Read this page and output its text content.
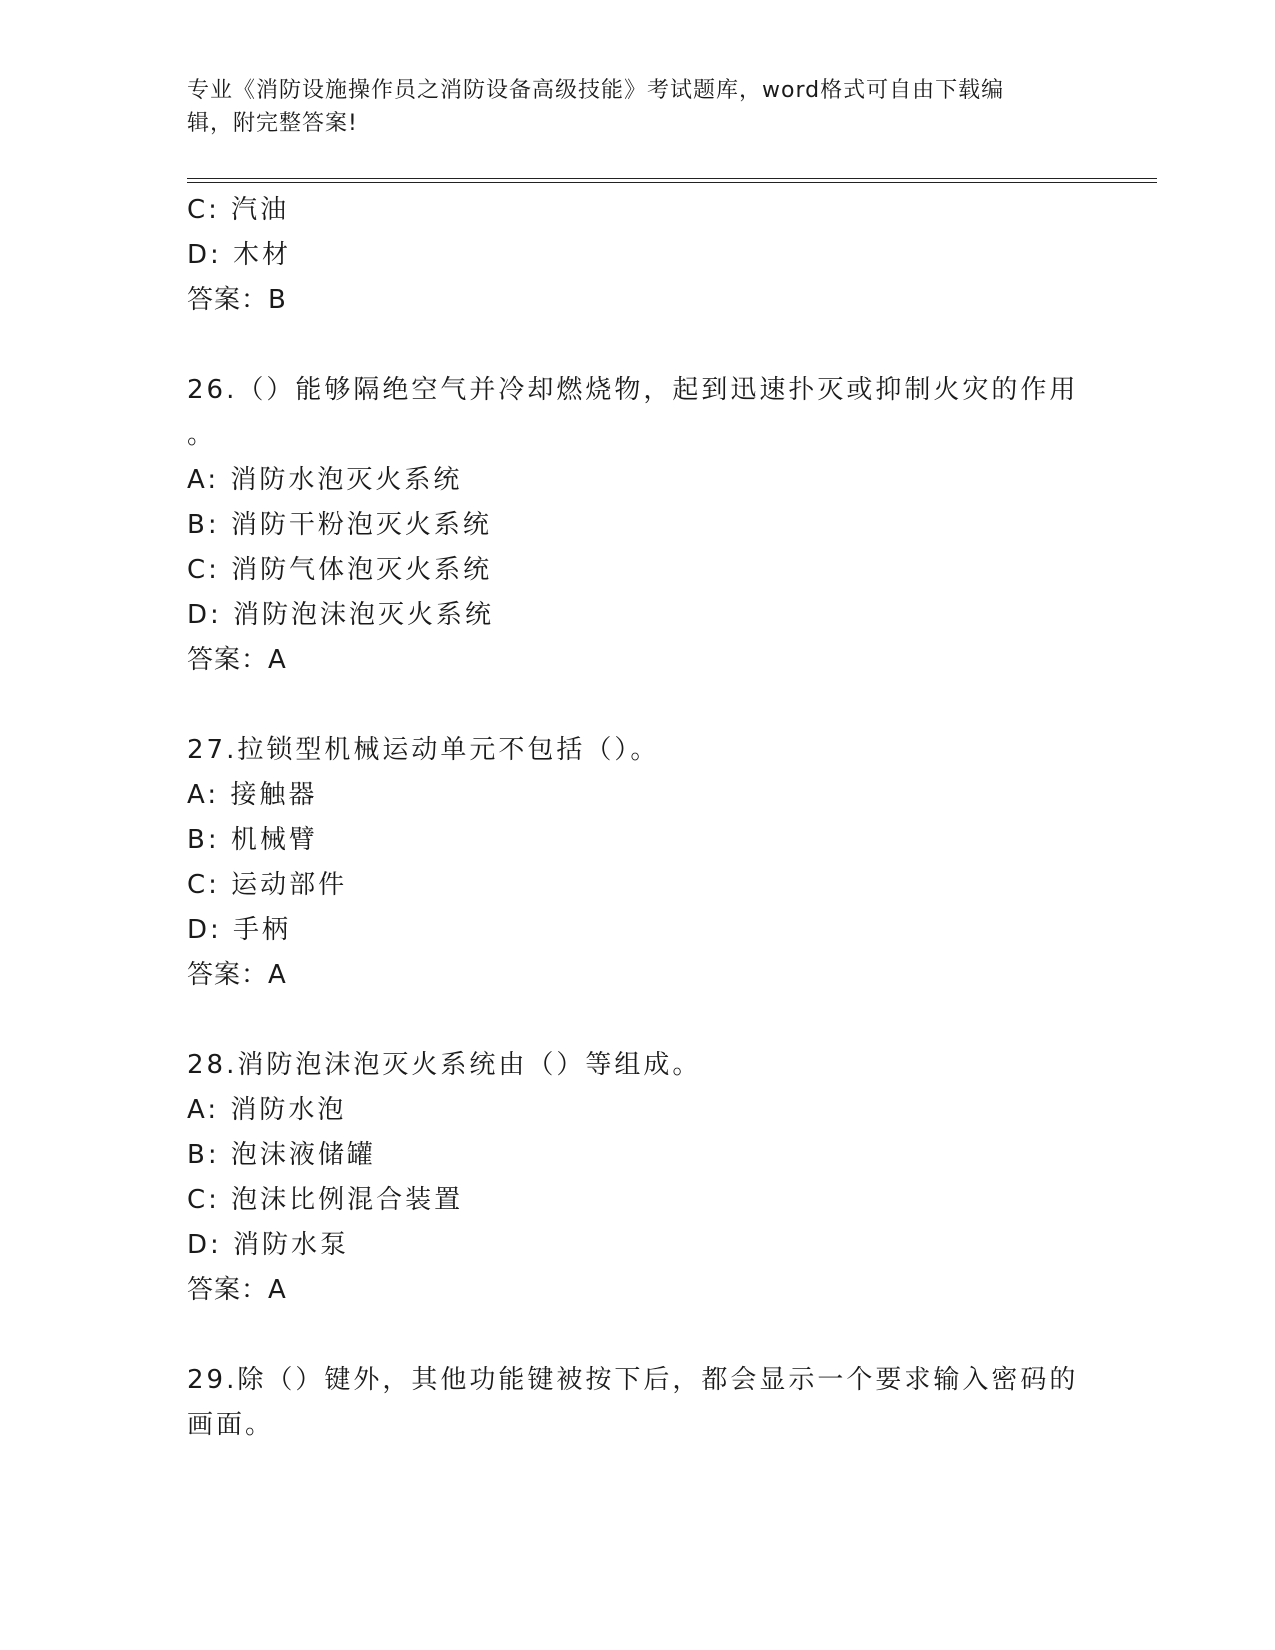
专业《消防设施操作员之消防设备高级技能》考试题库，word格式可自由下载编
辑，附完整答案!
C: 汽油
D: 木材
答案：B
26.（）能够隔绝空气并冷却燃烧物，起到迅速扑灭或抑制火灾的作用
。
A: 消防水泡灭火系统
B: 消防干粉泡灭火系统
C: 消防气体泡灭火系统
D: 消防泡沫泡灭火系统
答案：A
27.拉锁型机械运动单元不包括（）。
A: 接触器
B: 机械臂
C: 运动部件
D: 手柄
答案：A
28.消防泡沫泡灭火系统由（）等组成。
A: 消防水泡
B: 泡沫液储罐
C: 泡沫比例混合装置
D: 消防水泵
答案：A
29.除（）键外，其他功能键被按下后，都会显示一个要求输入密码的
画面。
